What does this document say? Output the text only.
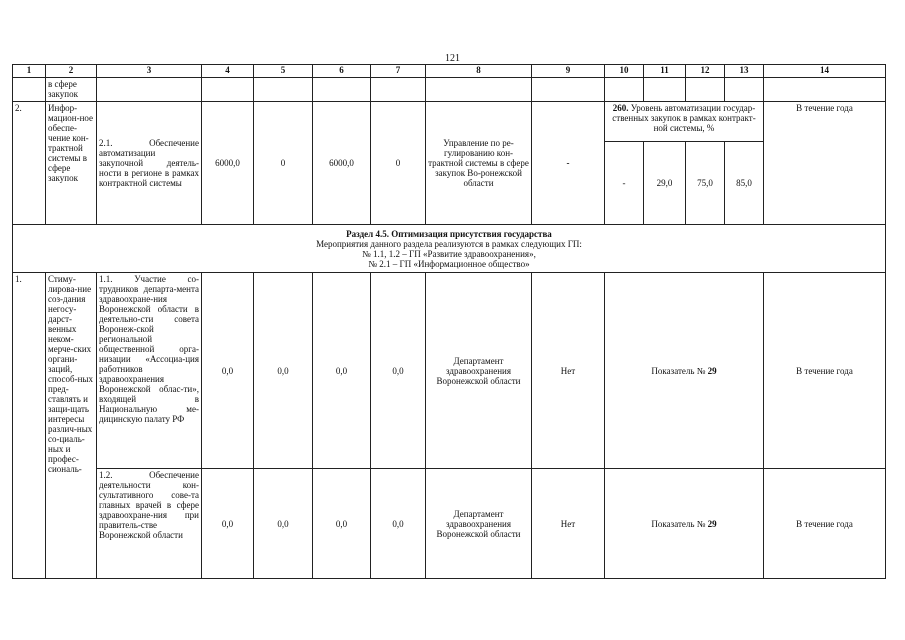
121
1	2	3	4	5	6	7	8	9	10	11	12	13	14
	в сфере закупок												
2.	Инфор-мацион-ное обеспе-чение кон-трактной системы в сфере закупок	2.1. Обеспечение автоматизации закупочной деятель-ности в регионе в рамках контрактной системы	6000,0	0	6000,0	0	Управление по ре-гулированию кон-трактной системы в сфере закупок Во-ронежской области	-	260. Уровень автоматизации государ-ственных закупок в рамках контракт-ной системы, %				В течение года
									-	29,0	75,0	85,0	

Раздел 4.5. Оптимизация присутствия государства
Мероприятия данного раздела реализуются в рамках следующих ГП:
№ 1.1, 1.2 – ГП «Развитие здравоохранения»,
№ 2.1 – ГП «Информационное общество»													

1.	Стиму-лирова-ние соз-дания негосу-дарст-венных неком-мерче-ских органи-заций, способ-ных пред-ставлять и защи-щать интересы различ-ных со-циаль-ных и профес-сиональ-	1.1. Участие со-трудников департа-мента здравоохране-ния Воронежской области в деятельно-сти совета Воронеж-ской региональной общественной орга-низации «Ассоциа-ция работников здравоохранения Воронежской облас-ти», входящей в Национальную ме-дицинскую палату РФ	0,0	0,0	0,0	0,0	Департамент здравоохранения Воронежской области	Нет	Показатель № 29				В течение года
		1.2. Обеспечение деятельности кон-сультативного сове-та главных врачей в сфере здравоохране-ния при правитель-стве Воронежской области	0,0	0,0	0,0	0,0	Департамент здравоохранения Воронежской области	Нет	Показатель № 29				В течение года
